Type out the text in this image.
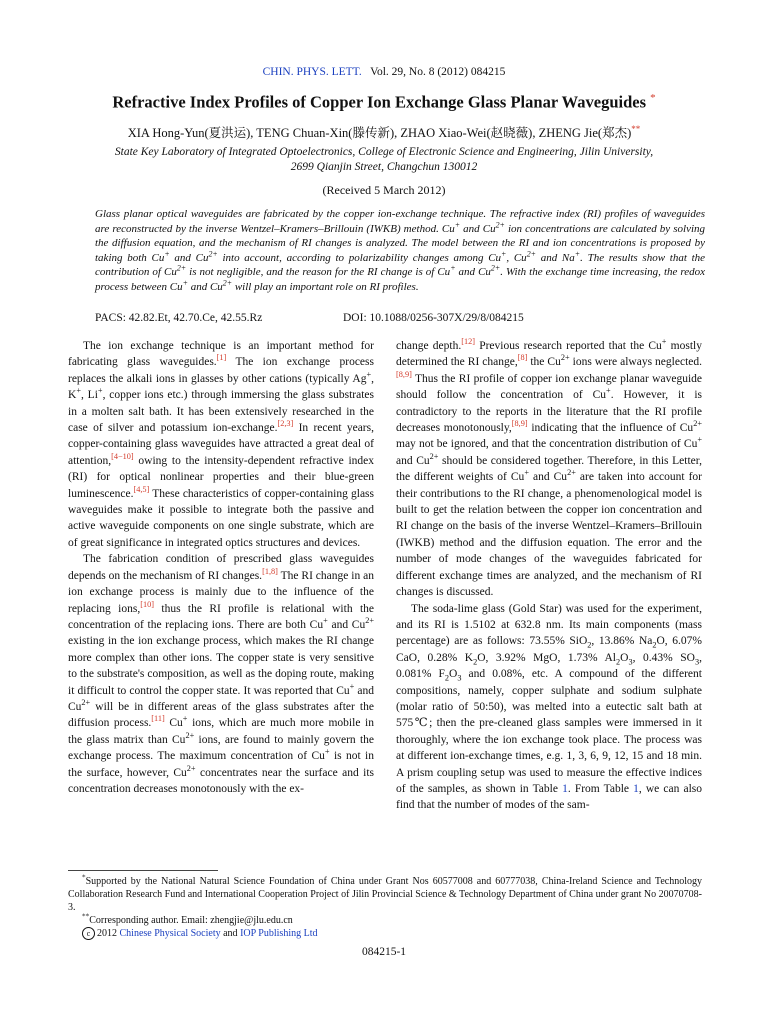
CHIN. PHYS. LETT. Vol. 29, No. 8 (2012) 084215
Refractive Index Profiles of Copper Ion Exchange Glass Planar Waveguides *
XIA Hong-Yun(夏洪运), TENG Chuan-Xin(滕传新), ZHAO Xiao-Wei(赵晓薇), ZHENG Jie(郑杰)**
State Key Laboratory of Integrated Optoelectronics, College of Electronic Science and Engineering, Jilin University,
2699 Qianjin Street, Changchun 130012
(Received 5 March 2012)
Glass planar optical waveguides are fabricated by the copper ion-exchange technique. The refractive index (RI) profiles of waveguides are reconstructed by the inverse Wentzel–Kramers–Brillouin (IWKB) method. Cu+ and $Cu^{2+}$ ion concentrations are calculated by solving the diffusion equation, and the mechanism of RI changes is analyzed. The model between the RI and ion concentrations is proposed by taking both Cu+ and $Cu^{2+}$ into account, according to polarizability changes among Cu+, $Cu^{2+}$ and Na+. The results show that the contribution of $Cu^{2+}$ is not negligible, and the reason for the RI change is of Cu+ and $Cu^{2+}$. With the exchange time increasing, the redox process between Cu+ and $Cu^{2+}$ will play an important role on RI profiles.
PACS: 42.82.Et, 42.70.Ce, 42.55.Rz	DOI: 10.1088/0256-307X/29/8/084215

The ion exchange technique is an important method for fabricating glass waveguides.[1] The ion exchange process replaces the alkali ions in glasses by other cations (typically Ag+, K+, Li+, copper ions etc.) through immersing the glass substrates in a molten salt bath. It has been extensively researched in the case of silver and potassium ion-exchange.[2,3] In recent years, copper-containing glass waveguides have attracted a great deal of attention,[4−10] owing to the intensity-dependent refractive index (RI) for optical nonlinear properties and their blue-green luminescence.[4,5] These characteristics of copper-containing glass waveguides make it possible to integrate both the passive and active waveguide components on one single substrate, which are of great significance in integrated optics structures and devices.

The fabrication condition of prescribed glass waveguides depends on the mechanism of RI changes.[1,8] The RI change in an ion exchange process is mainly due to the influence of the replacing ions,[10] thus the RI profile is relational with the concentration of the replacing ions. There are both Cu+ and $Cu^{2+}$ existing in the ion exchange process, which makes the RI change more complex than other ions. The copper state is very sensitive to the substrate's composition, as well as the doping route, making it difficult to control the copper state. It was reported that Cu+ and $Cu^{2+}$ will be in different areas of the glass substrates after the diffusion process.[11] Cu+ ions, which are much more mobile in the glass matrix than $Cu^{2+}$ ions, are found to mainly govern the exchange process. The maximum concentration of Cu+ is not in the surface, however, $Cu^{2+}$ concentrates near the surface and its concentration decreases monotonously with the ex-

change depth.[12] Previous research reported that the Cu+ mostly determined the RI change,[8] the $Cu^{2+}$ ions were always neglected.[8,9] Thus the RI profile of copper ion exchange planar waveguide should follow the concentration of Cu+. However, it is contradictory to the reports in the literature that the RI profile decreases monotonously,[8,9] indicating that the influence of $Cu^{2+}$ may not be ignored, and that the concentration distribution of Cu+ and $Cu^{2+}$ should be considered together. Therefore, in this Letter, the different weights of Cu+ and $Cu^{2+}$ are taken into account for their contributions to the RI change, a phenomenological model is built to get the relation between the copper ion concentration and RI change on the basis of the inverse Wentzel–Kramers–Brillouin (IWKB) method and the diffusion equation. The error and the number of mode changes of the waveguides fabricated for different exchange times are analyzed, and the mechanism of RI changes is discussed.

The soda-lime glass (Gold Star) was used for the experiment, and its RI is 1.5102 at 632.8 nm. Its main components (mass percentage) are as follows: 73.55% SiO$_2$, 13.86% $Na_2O$, 6.07% CaO, 0.28% $K_2O$, 3.92% MgO, 1.73% $Al_2O_3$, 0.43% $SO_3$, 0.081% $F_2O_3$ and 0.08%, etc. A compound of the different compositions, namely, copper sulphate and sodium sulphate (molar ratio of 50:50), was melted into a eutectic salt bath at 575℃; then the pre-cleaned glass samples were immersed in it thoroughly, where the ion exchange took place. The process was at different ion-exchange times, e.g. 1, 3, 6, 9, 12, 15 and 18 min. A prism coupling setup was used to measure the effective indices of the samples, as shown in Table 1. From Table 1, we can also find that the number of modes of the sam-

*Supported by the National Natural Science Foundation of China under Grant Nos 60577008 and 60777038, China-Ireland Science and Technology Collaboration Research Fund and International Cooperation Project of Jilin Provincial Science & Technology Department of China under grant No 20070708-3.

**Corresponding author. Email: zhengjie@jlu.edu.cn

c 2012 Chinese Physical Society and IOP Publishing Ltd

084215-1
